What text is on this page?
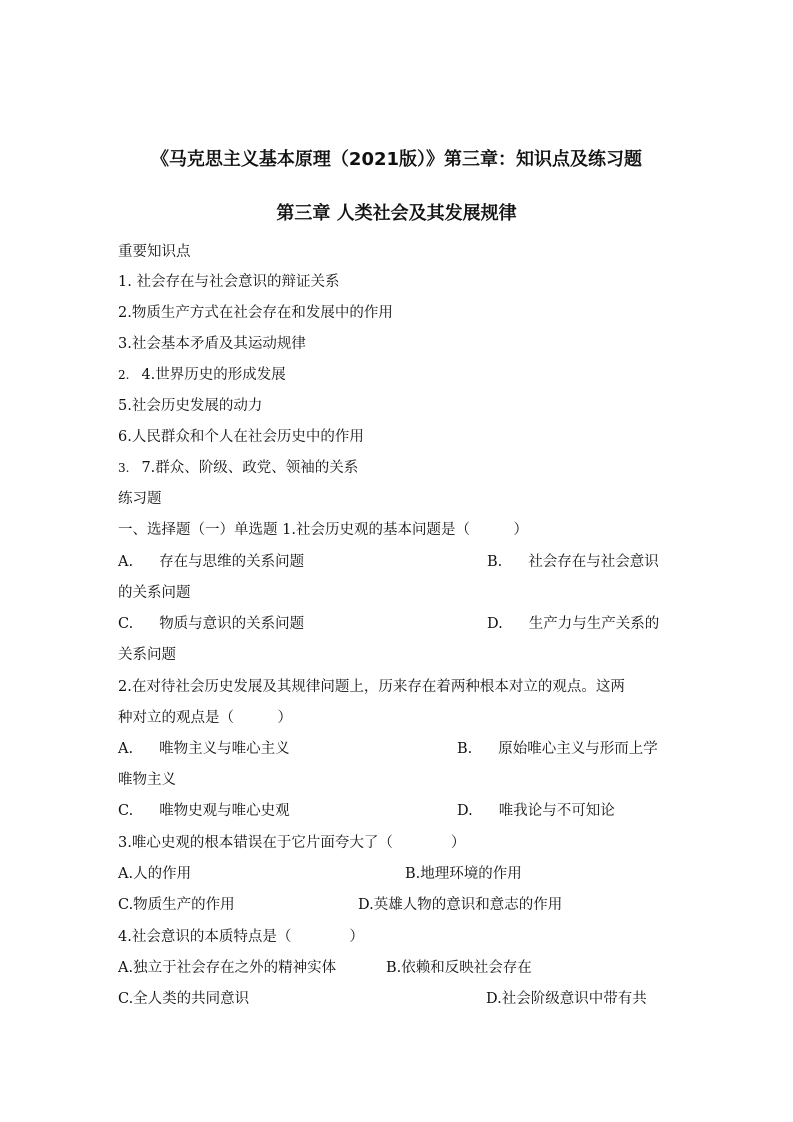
《马克思主义基本原理（2021版）》第三章：知识点及练习题
第三章 人类社会及其发展规律
重要知识点
1. 社会存在与社会意识的辩证关系
2.物质生产方式在社会存在和发展中的作用
3.社会基本矛盾及其运动规律
2. 4.世界历史的形成发展
5.社会历史发展的动力
6.人民群众和个人在社会历史中的作用
3. 7.群众、阶级、政党、领袖的关系
练习题
一、选择题（一）单选题 1.社会历史观的基本问题是（　　　）
A. 存在与思维的关系问题	B. 社会存在与社会意识
的关系问题
C. 物质与意识的关系问题	D. 生产力与生产关系的
关系问题
2.在对待社会历史发展及其规律问题上，历来存在着两种根本对立的观点。这两
种对立的观点是（　　　）
A. 唯物主义与唯心主义	B. 原始唯心主义与形而上学
唯物主义
C. 唯物史观与唯心史观	D. 唯我论与不可知论
3.唯心史观的根本错误在于它片面夸大了（　　　　）
A.人的作用	B.地理环境的作用
C.物质生产的作用	D.英雄人物的意识和意志的作用
4.社会意识的本质特点是（　　　　）
A.独立于社会存在之外的精神实体	B.依赖和反映社会存在
C.全人类的共同意识	D.社会阶级意识中带有共
